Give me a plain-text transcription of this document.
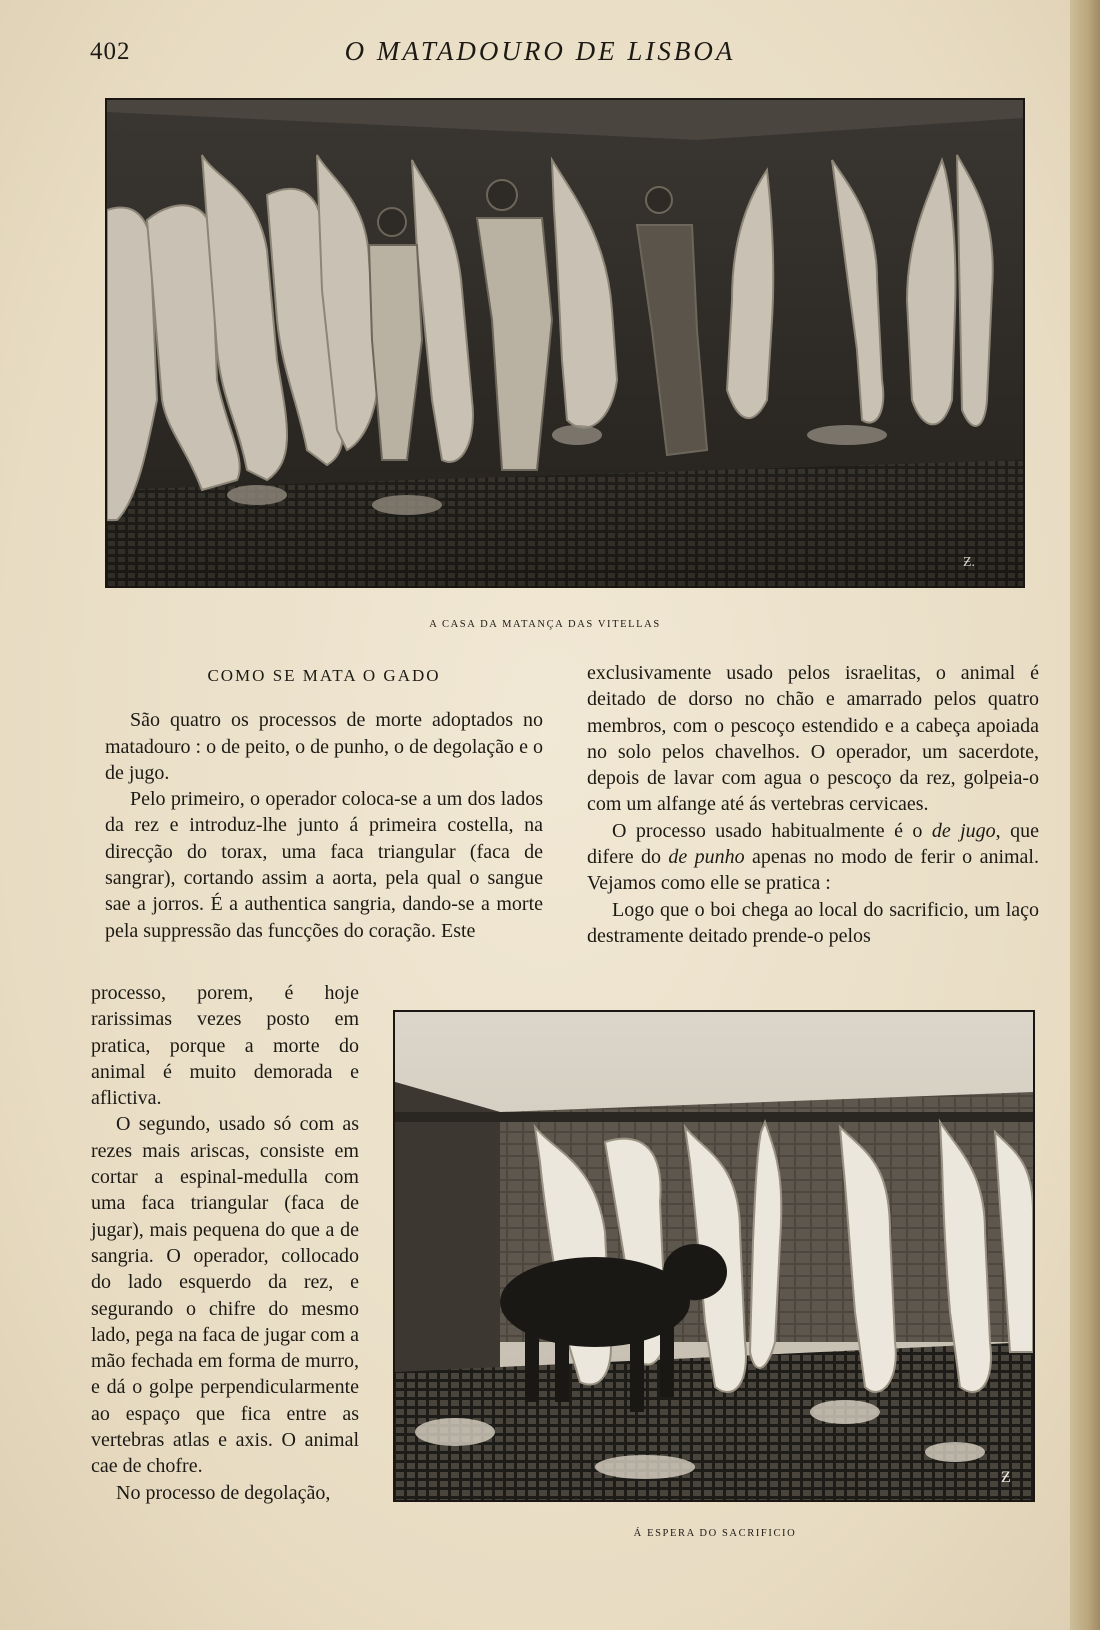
402	O MATADOURO DE LISBOA
Ƶ.
A CASA DA MATANÇA DAS VITELLAS

COMO SE MATA O GADO

São quatro os processos de morte adoptados no matadouro : o de peito, o de punho, o de degolação e o de jugo.

Pelo primeiro, o operador coloca-se a um dos lados da rez e introduz-lhe junto á primeira costella, na direcção do torax, uma faca triangular (faca de sangrar), cortando assim a aorta, pela qual o sangue sae a jorros. É a authentica sangria, dando-se a morte pela suppressão das funcções do coração. Este

processo, porem, é hoje rarissimas vezes posto em pratica, porque a morte do animal é muito demorada e aflictiva.

O segundo, usado só com as rezes mais ariscas, consiste em cortar a espinal-medulla com uma faca triangular (faca de jugar), mais pequena do que a de sangria. O operador, collocado do lado esquerdo da rez, e segurando o chifre do mesmo lado, pega na faca de jugar com a mão fechada em forma de murro, e dá o golpe perpendicularmente ao espaço que fica entre as vertebras atlas e axis. O animal cae de chofre.

No processo de degolação,

exclusivamente usado pelos israelitas, o animal é deitado de dorso no chão e amarrado pelos quatro membros, com o pescoço estendido e a cabeça apoiada no solo pelos chavelhos. O operador, um sacerdote, depois de lavar com agua o pescoço da rez, golpeia-o com um alfange até ás vertebras cervicaes.

O processo usado habitualmente é o de jugo, que difere do de punho apenas no modo de ferir o animal. Vejamos como elle se pratica :

Logo que o boi chega ao local do sacrificio, um laço destramente deitado prende-o pelos

Ƶ
Á ESPERA DO SACRIFICIO
